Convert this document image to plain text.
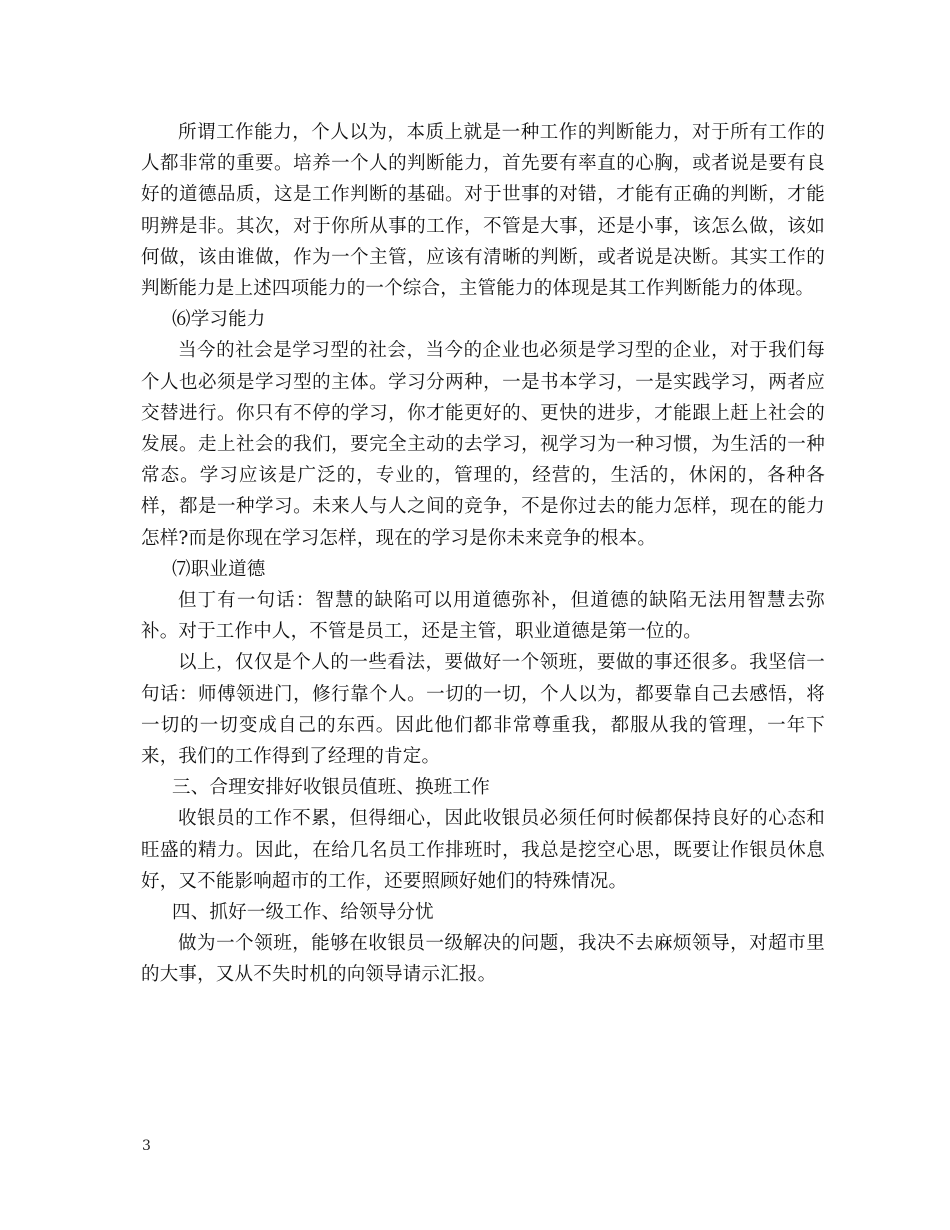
所谓工作能力，个人以为，本质上就是一种工作的判断能力，对于所有工作的人都非常的重要。培养一个人的判断能力，首先要有率直的心胸，或者说是要有良好的道德品质，这是工作判断的基础。对于世事的对错，才能有正确的判断，才能明辨是非。其次，对于你所从事的工作，不管是大事，还是小事，该怎么做，该如何做，该由谁做，作为一个主管，应该有清晰的判断，或者说是决断。其实工作的判断能力是上述四项能力的一个综合，主管能力的体现是其工作判断能力的体现。

⑹学习能力

当今的社会是学习型的社会，当今的企业也必须是学习型的企业，对于我们每个人也必须是学习型的主体。学习分两种，一是书本学习，一是实践学习，两者应交替进行。你只有不停的学习，你才能更好的、更快的进步，才能跟上赶上社会的发展。走上社会的我们，要完全主动的去学习，视学习为一种习惯，为生活的一种常态。学习应该是广泛的，专业的，管理的，经营的，生活的，休闲的，各种各样，都是一种学习。未来人与人之间的竞争，不是你过去的能力怎样，现在的能力怎样?而是你现在学习怎样，现在的学习是你未来竞争的根本。

⑺职业道德

但丁有一句话：智慧的缺陷可以用道德弥补，但道德的缺陷无法用智慧去弥补。对于工作中人，不管是员工，还是主管，职业道德是第一位的。

以上，仅仅是个人的一些看法，要做好一个领班，要做的事还很多。我坚信一句话：师傅领进门，修行靠个人。一切的一切，个人以为，都要靠自己去感悟，将一切的一切变成自己的东西。因此他们都非常尊重我，都服从我的管理，一年下来，我们的工作得到了经理的肯定。

三、合理安排好收银员值班、换班工作

收银员的工作不累，但得细心，因此收银员必须任何时候都保持良好的心态和旺盛的精力。因此，在给几名员工作排班时，我总是挖空心思，既要让作银员休息好，又不能影响超市的工作，还要照顾好她们的特殊情况。

四、抓好一级工作、给领导分忧

做为一个领班，能够在收银员一级解决的问题，我决不去麻烦领导，对超市里的大事，又从不失时机的向领导请示汇报。

3
